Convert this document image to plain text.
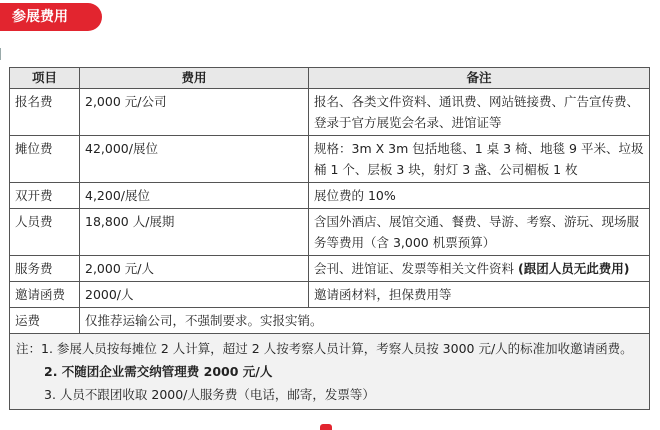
参展费用
项目	费用	备注
报名费	2,000 元/公司	报名、各类文件资料、通讯费、网站链接费、广告宣传费、登录于官方展览会名录、进馆证等
摊位费	42,000/展位	规格：3m X 3m 包括地毯、1 桌 3 椅、地毯 9 平米、垃圾桶 1 个、层板 3 块，射灯 3 盏、公司楣板 1 枚
双开费	4,200/展位	展位费的 10%
人员费	18,800 人/展期	含国外酒店、展馆交通、餐费、导游、考察、游玩、现场服务等费用（含 3,000 机票预算）
服务费	2,000 元/人	会刊、进馆证、发票等相关文件资料 (跟团人员无此费用)
邀请函费	2000/人	邀请函材料，担保费用等
运费	仅推荐运输公司，不强制要求。实报实销。	

注：1. 参展人员按每摊位 2 人计算，超过 2 人按考察人员计算，考察人员按 3000 元/人的标准加收邀请函费。
2. 不随团企业需交纳管理费 2000 元/人
3. 人员不跟团收取 2000/人服务费（电话，邮寄，发票等）		
